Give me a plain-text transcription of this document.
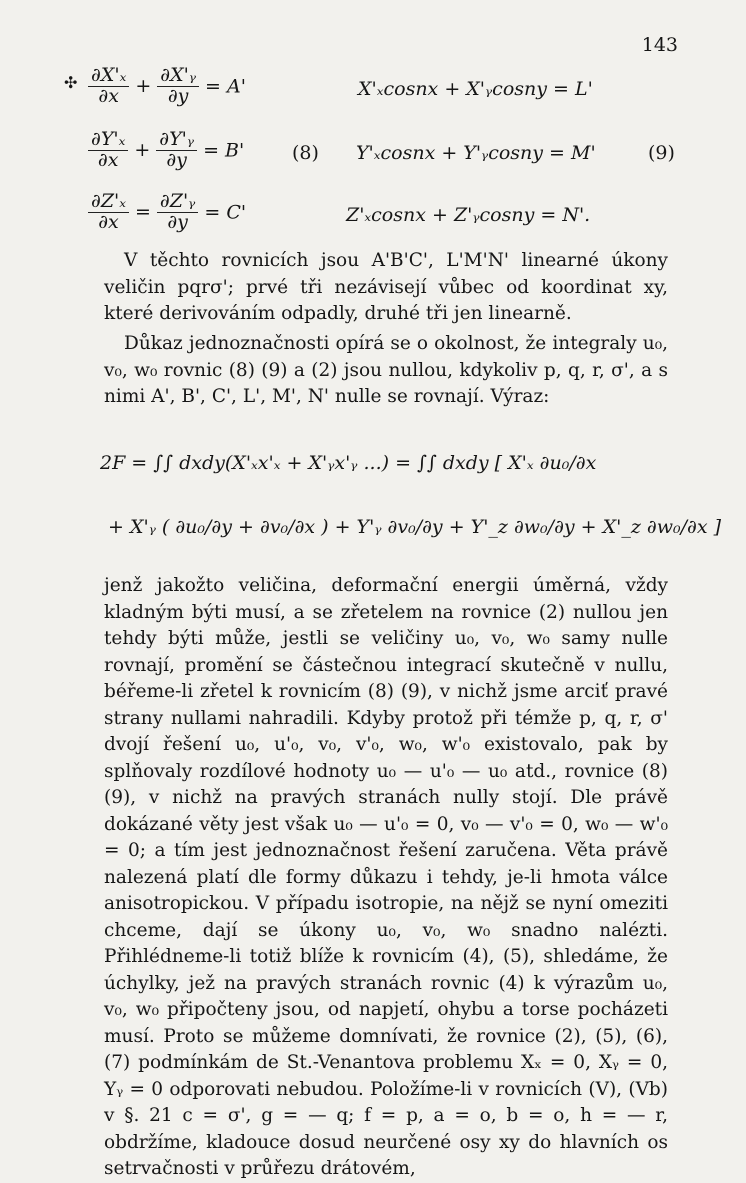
143
✣ $\frac{\text{∂X'ₓ}}{\partial x} + \frac{\text{∂X'ᵧ}}{\partial y} = A'$	X'ₓcosnx + X'ᵧcosny = L'
$\frac{\text{∂Y'ₓ}}{\partial x} + \frac{\text{∂Y'ᵧ}}{\partial y} = B'$	(8) Y'ₓcosnx + Y'ᵧcosny = M'	(9)
$\frac{\text{∂Z'ₓ}}{\partial x} = \frac{\text{∂Z'ᵧ}}{\partial y} = C'$	Z'ₓcosnx + Z'ᵧcosny = N'.

V těchto rovnicích jsou A'B'C', L'M'N' linearné úkony veličin pqrσ'; prvé tři nezávisejí vůbec od koordinat xy, které derivováním odpadly, druhé tři jen linearně.

Důkaz jednoznačnosti opírá se o okolnost, že integraly u₀, v₀, w₀ rovnic (8) (9) a (2) jsou nullou, kdykoliv p, q, r, σ', a s nimi A', B', C', L', M', N' nulle se rovnají. Výraz:

2F = ∫∫ dxdy(X'ₓx'ₓ + X'ᵧx'ᵧ ...) = ∫∫ dxdy [ X'ₓ ∂u₀/∂x
+ X'ᵧ ( ∂u₀/∂y + ∂v₀/∂x ) + Y'ᵧ ∂v₀/∂y + Y'_z ∂w₀/∂y + X'_z ∂w₀/∂x ]

jenž jakožto veličina, deformační energii úměrná, vždy kladným býti musí, a se zřetelem na rovnice (2) nullou jen tehdy býti může, jestli se veličiny u₀, v₀, w₀ samy nulle rovnají, promění se částečnou integrací skutečně v nullu, béřeme-li zřetel k rovnicím (8) (9), v nichž jsme arciť pravé strany nullami nahradili. Kdyby protož při témže p, q, r, σ' dvojí řešení u₀, u'₀, v₀, v'₀, w₀, w'₀ existovalo, pak by splňovaly rozdílové hodnoty u₀ — u'₀ — u₀ atd., rovnice (8) (9), v nichž na pravých stranách nully stojí. Dle právě dokázané věty jest však u₀ — u'₀ = 0, v₀ — v'₀ = 0, w₀ — w'₀ = 0; a tím jest jednoznačnost řešení zaručena. Věta právě nalezená platí dle formy důkazu i tehdy, je-li hmota válce anisotropickou. V případu isotropie, na nějž se nyní omeziti chceme, dají se úkony u₀, v₀, w₀ snadno nalézti. Přihlédneme-li totiž blíže k rovnicím (4), (5), shledáme, že úchylky, jež na pravých stranách rovnic (4) k výrazům u₀, v₀, w₀ připočteny jsou, od napjetí, ohybu a torse pocházeti musí. Proto se můžeme domnívati, že rovnice (2), (5), (6), (7) podmínkám de St.-Venantova problemu Xₓ = 0, Xᵧ = 0, Yᵧ = 0 odporovati nebudou. Položíme-li v rovnicích (V), (Vb) v §. 21 c = σ', g = — q; f = p, a = o, b = o, h = — r, obdržíme, kladouce dosud neurčené osy xy do hlavních os setrvačnosti v průřezu drátovém,
